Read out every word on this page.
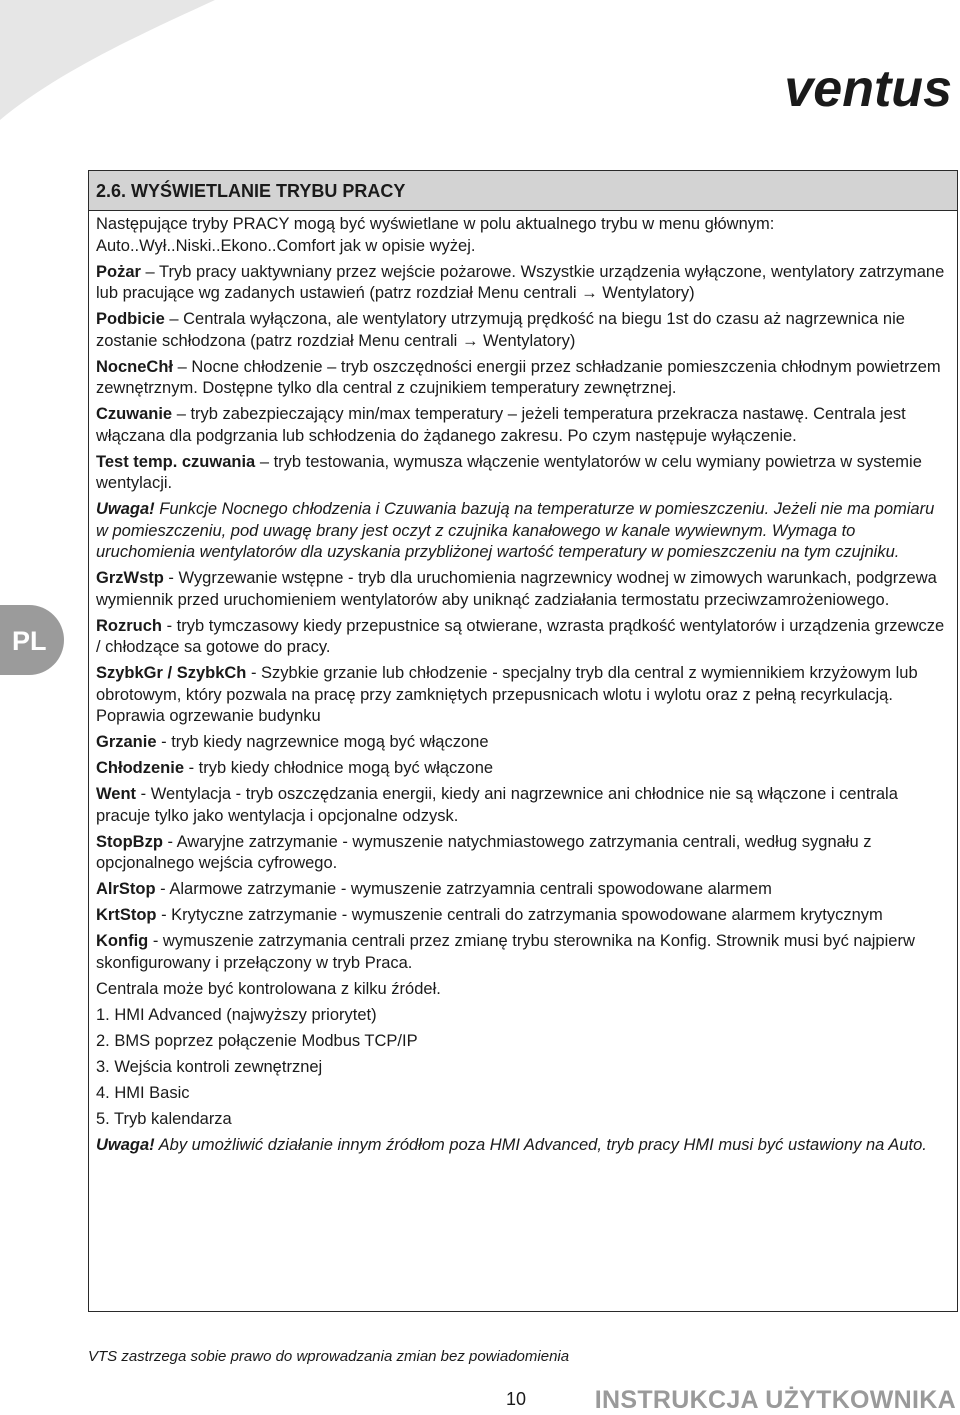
ventus
2.6. WYŚWIETLANIE TRYBU PRACY

Następujące tryby PRACY mogą być wyświetlane w polu aktualnego trybu w menu głównym: Auto..Wył..Niski..Ekono..Comfort jak w opisie wyżej.

Pożar – Tryb pracy uaktywniany przez wejście pożarowe. Wszystkie urządzenia wyłączone, wentylatory zatrzymane lub pracujące wg zadanych ustawień (patrz rozdział Menu centrali → Wentylatory)

Podbicie – Centrala wyłączona, ale wentylatory utrzymują prędkość na biegu 1st do czasu aż nagrzewnica nie zostanie schłodzona (patrz rozdział Menu centrali → Wentylatory)

NocneChł – Nocne chłodzenie – tryb oszczędności energii przez schładzanie pomieszczenia chłodnym powietrzem zewnętrznym. Dostępne tylko dla central z czujnikiem temperatury zewnętrznej.

Czuwanie – tryb zabezpieczający min/max temperatury – jeżeli temperatura przekracza nastawę. Centrala jest włączana dla podgrzania lub schłodzenia do żądanego zakresu. Po czym następuje wyłączenie.

Test temp. czuwania – tryb testowania, wymusza włączenie wentylatorów w celu wymiany powietrza w systemie wentylacji.

Uwaga! Funkcje Nocnego chłodzenia i Czuwania bazują na temperaturze w pomieszczeniu. Jeżeli nie ma pomiaru w pomieszczeniu, pod uwagę brany jest oczyt z czujnika kanałowego w kanale wywiewnym. Wymaga to uruchomienia wentylatorów dla uzyskania przybliżonej wartość temperatury w pomieszczeniu na tym czujniku.

GrzWstp - Wygrzewanie wstępne - tryb dla uruchomienia nagrzewnicy wodnej w zimowych warunkach, podgrzewa wymiennik przed uruchomieniem wentylatorów aby uniknąć zadziałania termostatu przeciwzamrożeniowego.

Rozruch - tryb tymczasowy kiedy przepustnice są otwierane, wzrasta prądkość wentylatorów i urządzenia grzewcze / chłodzące sa gotowe do pracy.

SzybkGr / SzybkCh - Szybkie grzanie lub chłodzenie - specjalny tryb dla central z wymiennikiem krzyżowym lub obrotowym, który pozwala na pracę przy zamkniętych przepusnicach wlotu i wylotu oraz z pełną recyrkulacją. Poprawia ogrzewanie budynku

Grzanie - tryb kiedy nagrzewnice mogą być włączone

Chłodzenie - tryb kiedy chłodnice mogą być włączone

Went - Wentylacja - tryb oszczędzania energii, kiedy ani nagrzewnice ani chłodnice nie są włączone i centrala pracuje tylko jako wentylacja i opcjonalne odzysk.

StopBzp - Awaryjne zatrzymanie - wymuszenie natychmiastowego zatrzymania centrali, według sygnału z opcjonalnego wejścia cyfrowego.

AlrStop - Alarmowe zatrzymanie - wymuszenie zatrzyamnia centrali spowodowane alarmem

KrtStop - Krytyczne zatrzymanie - wymuszenie centrali do zatrzymania spowodowane alarmem krytycznym

Konfig - wymuszenie zatrzymania centrali przez zmianę trybu sterownika na Konfig. Strownik musi być najpierw skonfigurowany i przełączony w tryb Praca.

Centrala może być kontrolowana z kilku źródeł.

1. HMI Advanced (najwyższy priorytet)

2. BMS poprzez połączenie Modbus TCP/IP

3. Wejścia kontroli zewnętrznej

4. HMI Basic

5. Tryb kalendarza

Uwaga! Aby umożliwić działanie innym źródłom poza HMI Advanced, tryb pracy HMI musi być ustawiony na Auto.

PL
VTS zastrzega sobie prawo do wprowadzania zmian bez powiadomienia
10	INSTRUKCJA UŻYTKOWNIKA
